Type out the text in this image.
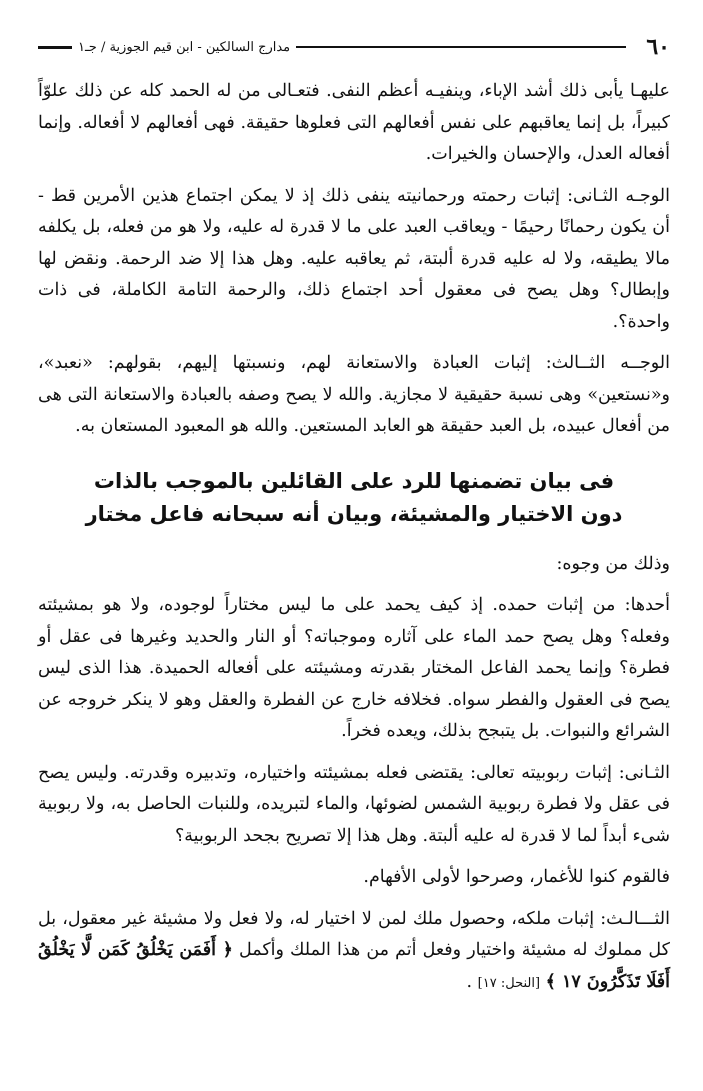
٦٠
مدارج السالكين - ابن قيم الجوزية / جـ١

عليهـا يأبى ذلك أشد الإباء، وينفيـه أعظم النفى. فتعـالى من له الحمد كله عن ذلك علوّاً كبيراً، بل إنما يعاقبهم على نفس أفعالهم التى فعلوها حقيقة. فهى أفعالهم لا أفعاله. وإنما أفعاله العدل، والإحسان والخيرات.

الوجـه الثـانى: إثبات رحمته ورحمانيته ينفى ذلك إذ لا يمكن اجتماع هذين الأمرين قط - أن يكون رحمانًا رحيمًا - ويعاقب العبد على ما لا قدرة له عليه، ولا هو من فعله، بل يكلفه مالا يطيقه، ولا له عليه قدرة ألبتة، ثم يعاقبه عليه. وهل هذا إلا ضد الرحمة. ونقض لها وإبطال؟ وهل يصح فى معقول أحد اجتماع ذلك، والرحمة التامة الكاملة، فى ذات واحدة؟.

الوجــه الثــالث: إثبات العبادة والاستعانة لهم، ونسبتها إليهم، بقولهم: «نعبد»، و«نستعين» وهى نسبة حقيقية لا مجازية. والله لا يصح وصفه بالعبادة والاستعانة التى هى من أفعال عبيده، بل العبد حقيقة هو العابد المستعين. والله هو المعبود المستعان به.

فى بيان تضمنها للرد على القائلين بالموجب بالذات
دون الاختيار والمشيئة، وبيان أنه سبحانه فاعل مختار

وذلك من وجوه:

أحدها: من إثبات حمده. إذ كيف يحمد على ما ليس مختاراً لوجوده، ولا هو بمشيئته وفعله؟ وهل يصح حمد الماء على آثاره وموجباته؟ أو النار والحديد وغيرها فى عقل أو فطرة؟ وإنما يحمد الفاعل المختار بقدرته ومشيئته على أفعاله الحميدة. هذا الذى ليس يصح فى العقول والفطر سواه. فخلافه خارج عن الفطرة والعقل وهو لا ينكر خروجه عن الشرائع والنبوات. بل يتبجح بذلك، ويعده فخراً.

الثـانى: إثبات ربوبيته تعالى: يقتضى فعله بمشيئته واختياره، وتدبيره وقدرته. وليس يصح فى عقل ولا فطرة ربوبية الشمس لضوئها، والماء لتبريده، وللنبات الحاصل به، ولا ربوبية شىء أبداً لما لا قدرة له عليه ألبتة. وهل هذا إلا تصريح بجحد الربوبية؟

فالقوم كنوا للأغمار، وصرحوا لأولى الأفهام.

الثـــالـث: إثبات ملكه، وحصول ملك لمن لا اختيار له، ولا فعل ولا مشيئة غير معقول، بل كل مملوك له مشيئة واختيار وفعل أتم من هذا الملك وأكمل ﴿ أَفَمَن يَخْلُقُ كَمَن لَّا يَخْلُقُ أَفَلَا تَذَكَّرُونَ ١٧ ﴾ [النحل: ١٧] .
